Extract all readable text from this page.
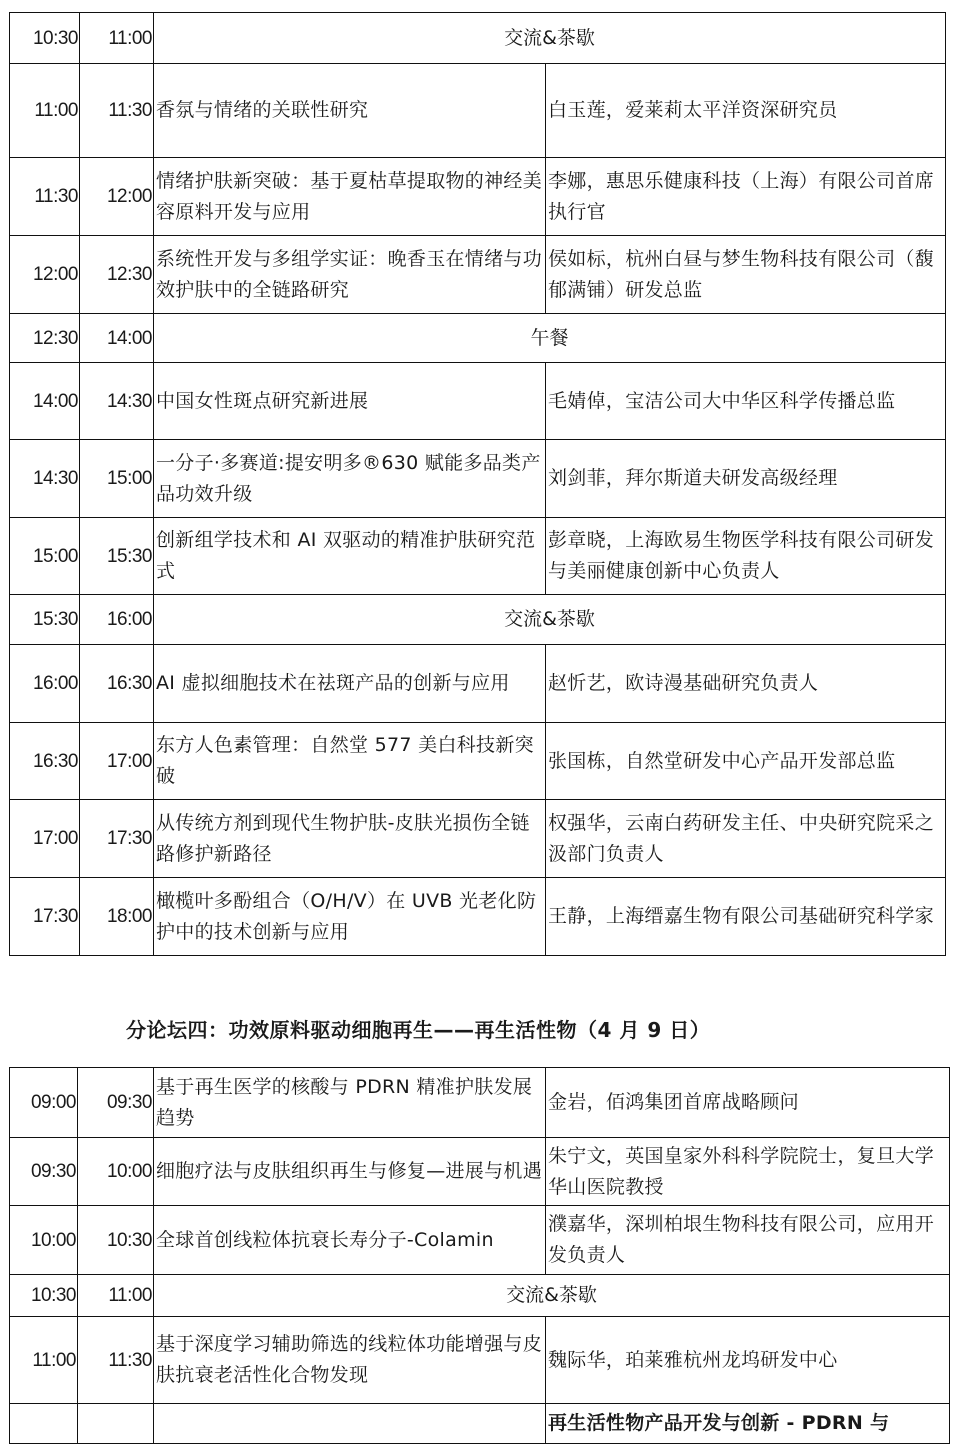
10:30	11:00	交流&茶歇	
11:00	11:30	香氛与情绪的关联性研究	白玉莲，爱莱莉太平洋资深研究员
11:30	12:00	情绪护肤新突破：基于夏枯草提取物的神经美容原料开发与应用	李娜，惠思乐健康科技（上海）有限公司首席执行官
12:00	12:30	系统性开发与多组学实证：晚香玉在情绪与功效护肤中的全链路研究	侯如标，杭州白昼与梦生物科技有限公司（馥郁满铺）研发总监
12:30	14:00	午餐	
14:00	14:30	中国女性斑点研究新进展	毛婧倬，宝洁公司大中华区科学传播总监
14:30	15:00	一分子·多赛道:提安明多®630 赋能多品类产品功效升级	刘剑菲，拜尔斯道夫研发高级经理
15:00	15:30	创新组学技术和 AI 双驱动的精准护肤研究范式	彭章晓，上海欧易生物医学科技有限公司研发与美丽健康创新中心负责人
15:30	16:00	交流&茶歇	
16:00	16:30	AI 虚拟细胞技术在祛斑产品的创新与应用	赵忻艺，欧诗漫基础研究负责人
16:30	17:00	东方人色素管理：自然堂 577 美白科技新突破	张国栋，自然堂研发中心产品开发部总监
17:00	17:30	从传统方剂到现代生物护肤-皮肤光损伤全链路修护新路径	权强华，云南白药研发主任、中央研究院采之汲部门负责人
17:30	18:00	橄榄叶多酚组合（O/H/V）在 UVB 光老化防护中的技术创新与应用	王静，上海缙嘉生物有限公司基础研究科学家
分论坛四：功效原料驱动细胞再生——再生活性物（4 月 9 日）
09:00	09:30	基于再生医学的核酸与 PDRN 精准护肤发展趋势	金岩，佰鸿集团首席战略顾问
09:30	10:00	细胞疗法与皮肤组织再生与修复—进展与机遇	朱宁文，英国皇家外科科学院院士，复旦大学华山医院教授
10:00	10:30	全球首创线粒体抗衰长寿分子-Colamin	濮嘉华，深圳柏垠生物科技有限公司，应用开发负责人
10:30	11:00	交流&茶歇	
11:00	11:30	基于深度学习辅助筛选的线粒体功能增强与皮肤抗衰老活性化合物发现	魏际华，珀莱雅杭州龙坞研发中心
			再生活性物产品开发与创新 - PDRN 与
